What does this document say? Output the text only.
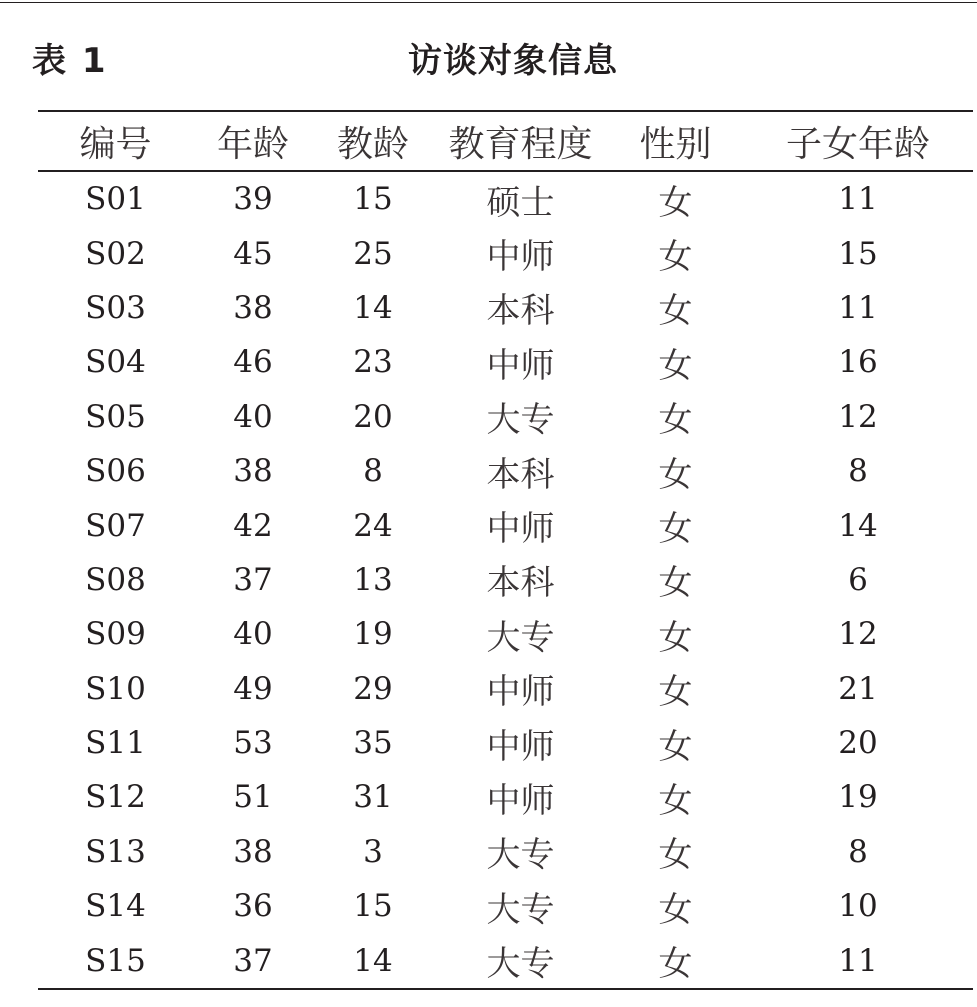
表 1	访谈对象信息
编号	年龄	教龄	教育程度	性别	子女年龄
S01	39	15	硕士	女	11
S02	45	25	中师	女	15
S03	38	14	本科	女	11
S04	46	23	中师	女	16
S05	40	20	大专	女	12
S06	38	8	本科	女	8
S07	42	24	中师	女	14
S08	37	13	本科	女	6
S09	40	19	大专	女	12
S10	49	29	中师	女	21
S11	53	35	中师	女	20
S12	51	31	中师	女	19
S13	38	3	大专	女	8
S14	36	15	大专	女	10
S15	37	14	大专	女	11
